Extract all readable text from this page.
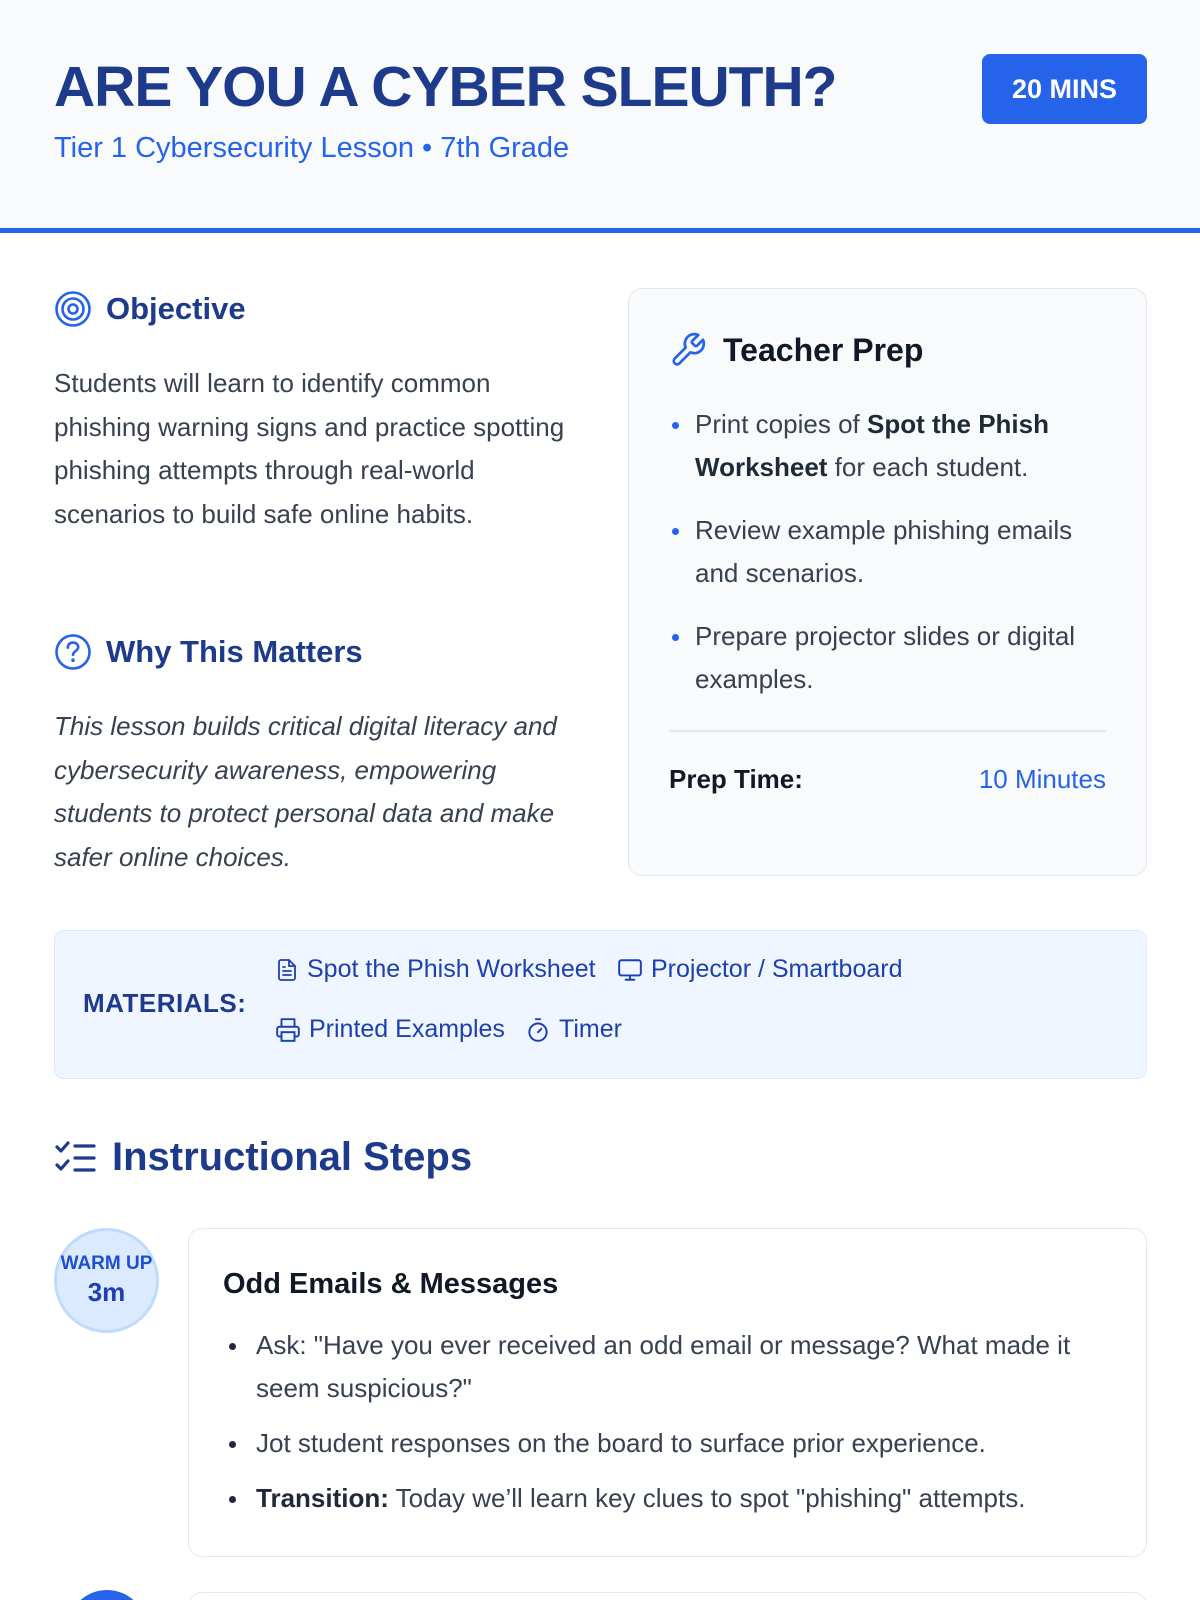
ARE YOU A CYBER SLEUTH?
Tier 1 Cybersecurity Lesson • 7th Grade
20 MINS
Objective

Students will learn to identify common phishing warning signs and practice spotting phishing attempts through real-world scenarios to build safe online habits.

Why This Matters

This lesson builds critical digital literacy and cybersecurity awareness, empowering students to protect personal data and make safer online choices.

Teacher Prep
Print copies of Spot the Phish Worksheet for each student.
Review example phishing emails and scenarios.
Prepare projector slides or digital examples.
Prep Time:	10 Minutes
MATERIALS:
Spot the Phish Worksheet Projector / Smartboard
Printed Examples Timer
Instructional Steps
WARM UP
3m	Odd Emails & Messages
Ask: "Have you ever received an odd email or message? What made it seem suspicious?"
Jot student responses on the board to surface prior experience.
Transition: Today we’ll learn key clues to spot "phishing" attempts.
